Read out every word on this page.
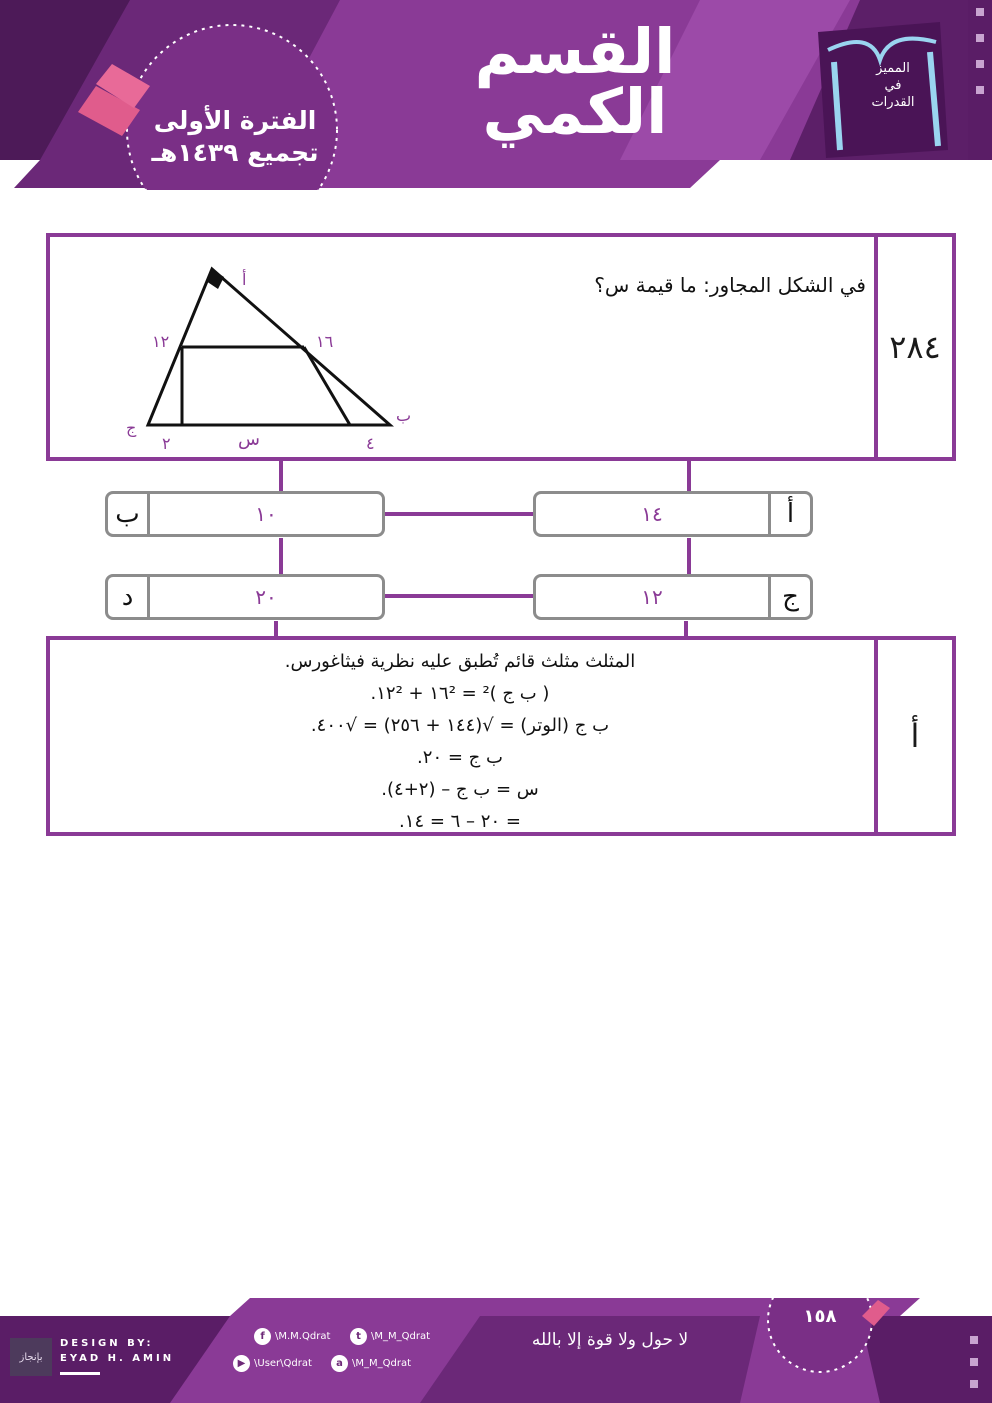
القسم
الكمي
الفترة الأولى
تجميع ١٤٣٩هـ
المميز
في
القدرات
٢٨٤
في الشكل المجاور: ما قيمة س؟
أ
ب
ج
١٢	١٦
٢	س	٤
١٤	أ
ب	١٠
١٢	ج
د	٢٠
أ
المثلث مثلث قائم تُطبق عليه نظرية فيثاغورس.
( ب ج )² = ١٦² + ١٢².
ب ج (الوتر) = √(١٤٤ + ٢٥٦) = √٤٠٠.
ب ج = ٢٠.
س = ب ج – (٢+٤).
= ٢٠ – ٦ = ١٤.
بإنجاز
DESIGN BY:
EYAD H. AMIN
f	\M.M.Qdrat	t	\M_M_Qdrat
▶ \User\Qdrat	a \M_M_Qdrat
لا حول ولا قوة إلا بالله
١٥٨
